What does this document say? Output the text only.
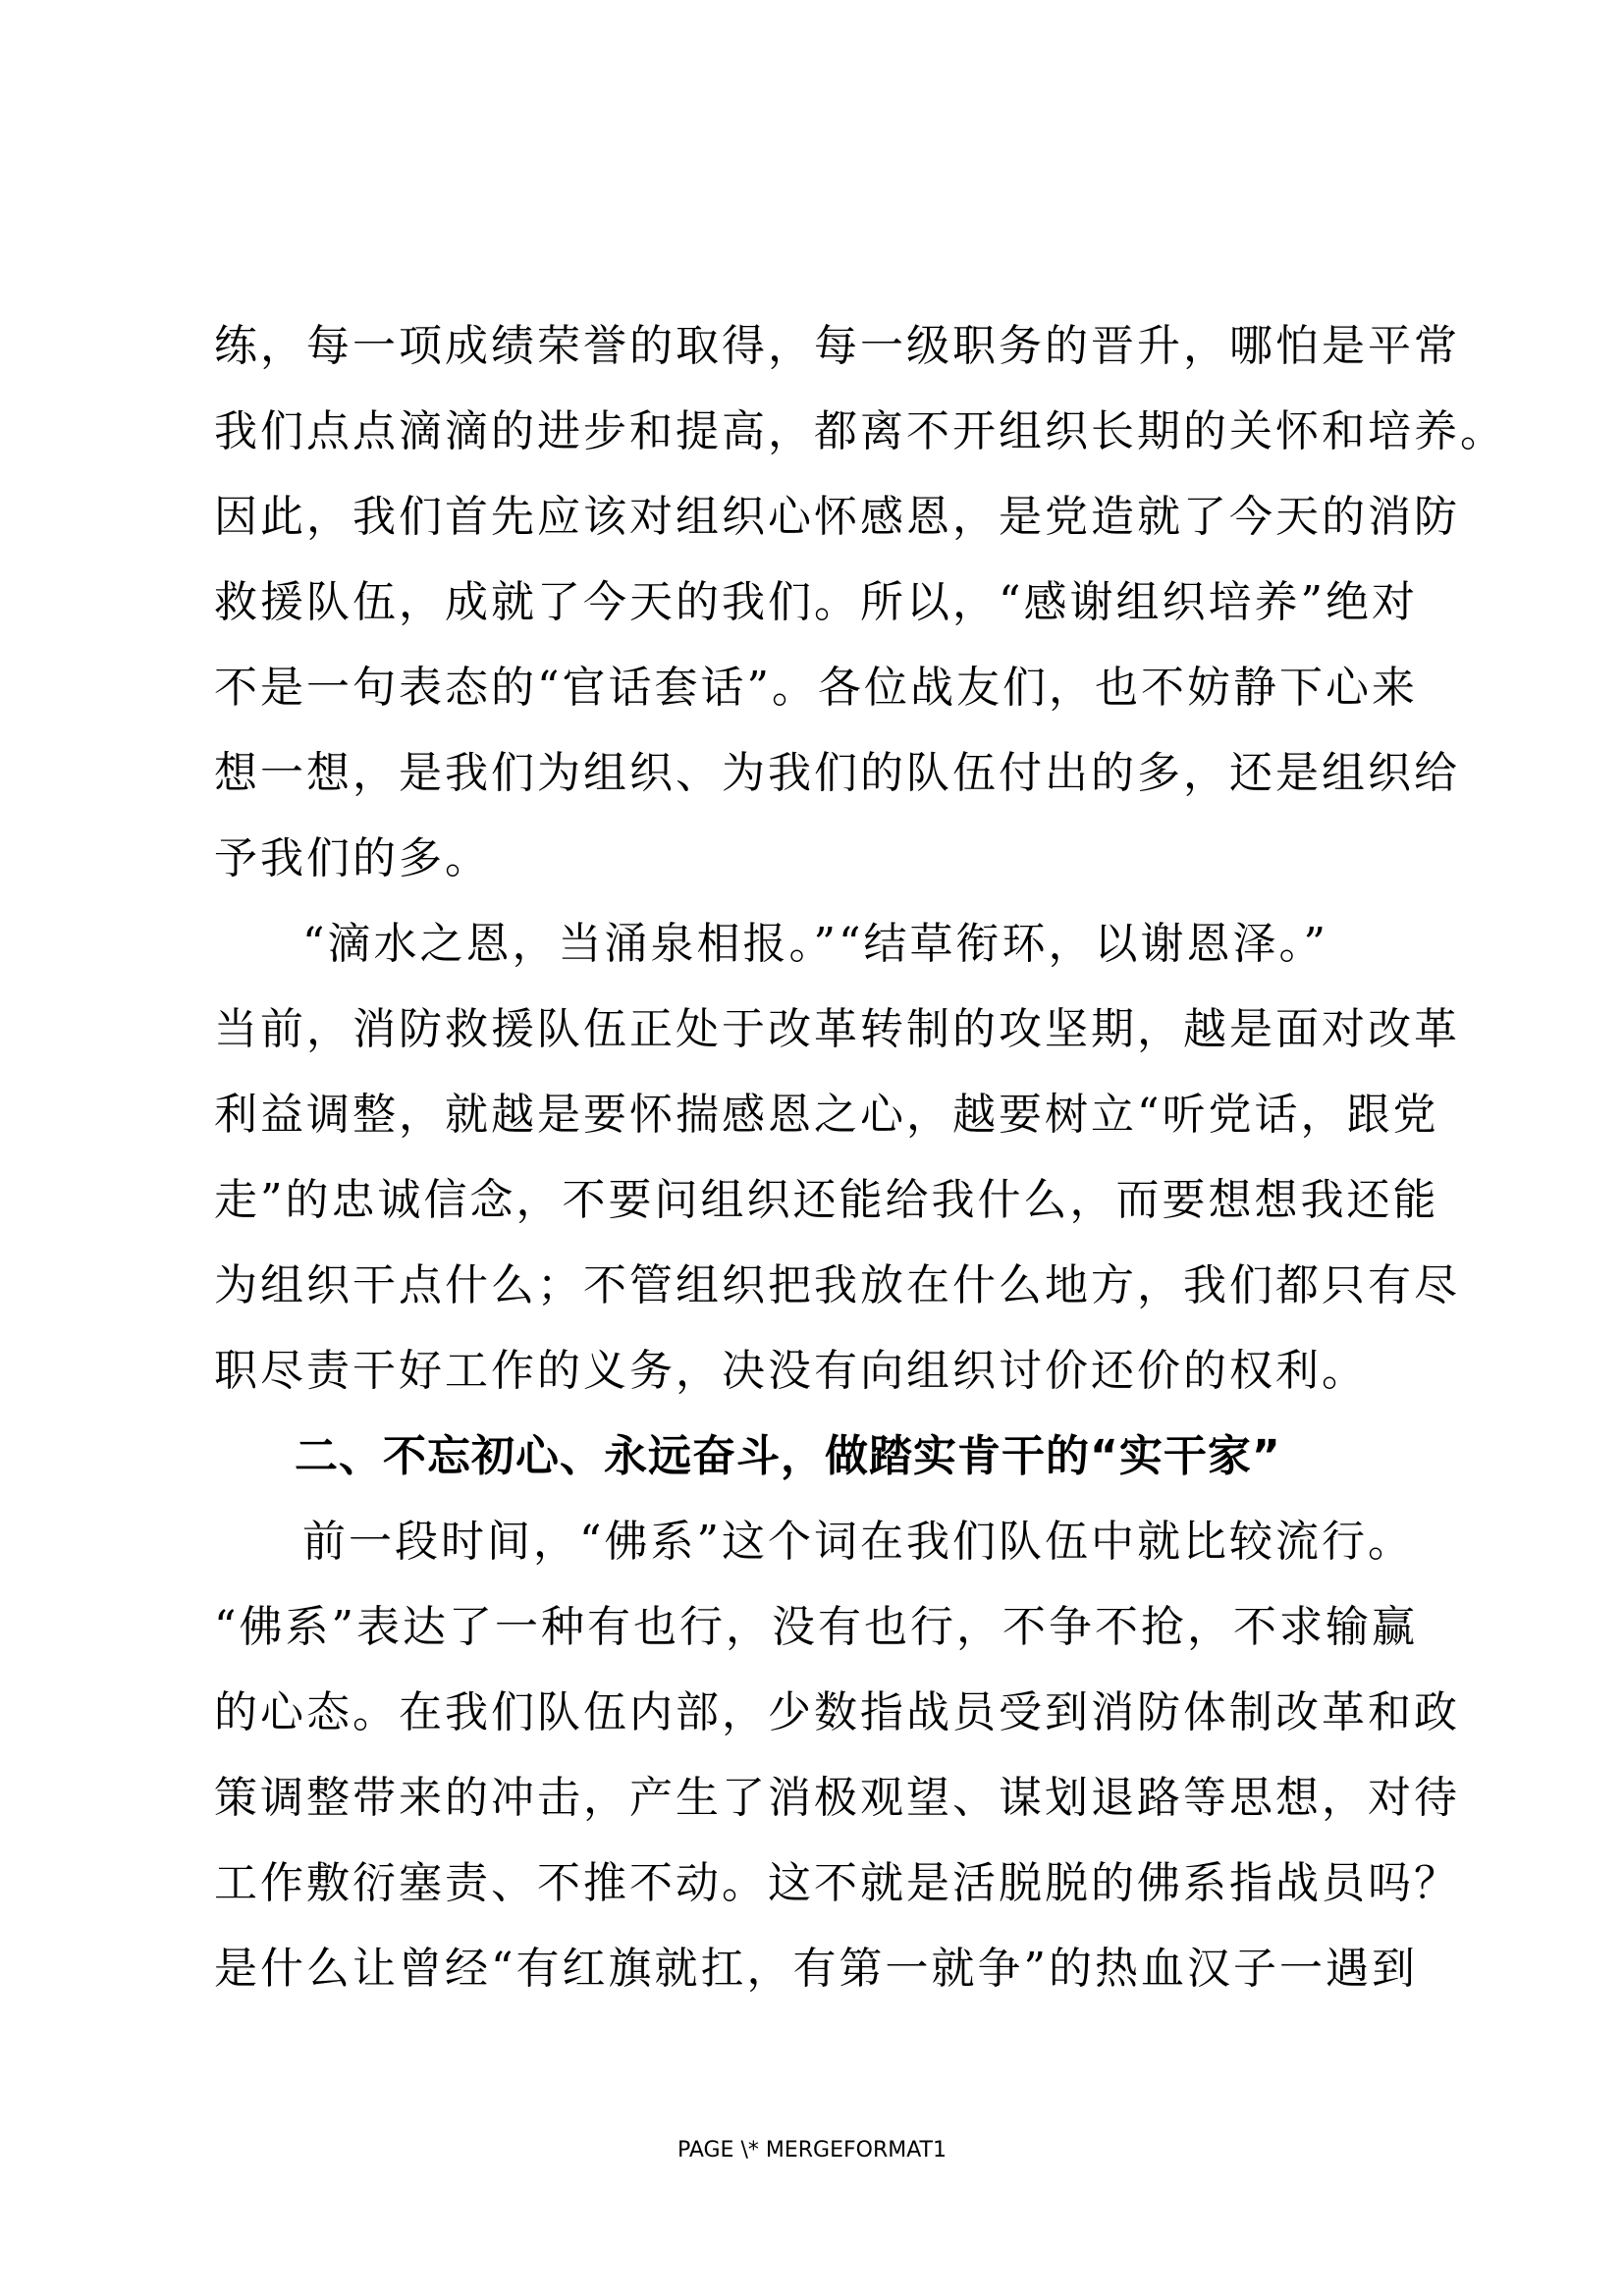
练，每一项成绩荣誉的取得，每一级职务的晋升，哪怕是平常
我们点点滴滴的进步和提高，都离不开组织长期的关怀和培养。
因此，我们首先应该对组织心怀感恩，是党造就了今天的消防
救援队伍，成就了今天的我们。所以，“感谢组织培养”绝对
不是一句表态的“官话套话”。各位战友们，也不妨静下心来
想一想，是我们为组织、为我们的队伍付出的多，还是组织给
予我们的多。
“滴水之恩，当涌泉相报。”“结草衔环，以谢恩泽。”
当前，消防救援队伍正处于改革转制的攻坚期，越是面对改革
利益调整，就越是要怀揣感恩之心，越要树立“听党话，跟党
走”的忠诚信念，不要问组织还能给我什么，而要想想我还能
为组织干点什么；不管组织把我放在什么地方，我们都只有尽
职尽责干好工作的义务，决没有向组织讨价还价的权利。
二、不忘初心、永远奋斗，做踏实肯干的“实干家”
前一段时间，“佛系”这个词在我们队伍中就比较流行。
“佛系”表达了一种有也行，没有也行，不争不抢，不求输赢
的心态。在我们队伍内部，少数指战员受到消防体制改革和政
策调整带来的冲击，产生了消极观望、谋划退路等思想，对待
工作敷衍塞责、不推不动。这不就是活脱脱的佛系指战员吗？
是什么让曾经“有红旗就扛，有第一就争”的热血汉子一遇到
PAGE \* MERGEFORMAT1
